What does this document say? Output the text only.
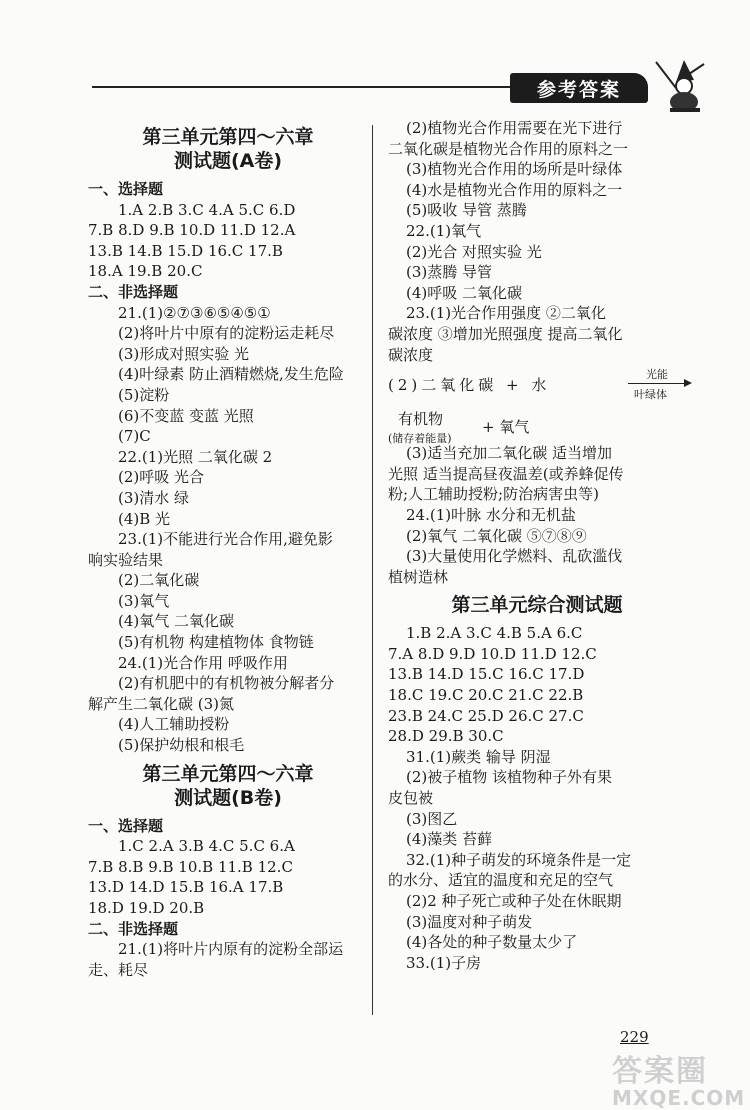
参考答案
第三单元第四～六章
测试题(A卷)
一、选择题
1.A 2.B 3.C 4.A 5.C 6.D
7.B 8.D 9.B 10.D 11.D 12.A
13.B 14.B 15.D 16.C 17.B
18.A 19.B 20.C
二、非选择题
21.(1)②⑦③⑥⑤④⑤①
(2)将叶片中原有的淀粉运走耗尽
(3)形成对照实验 光
(4)叶绿素 防止酒精燃烧,发生危险
(5)淀粉
(6)不变蓝 变蓝 光照
(7)C
22.(1)光照 二氧化碳 2
(2)呼吸 光合
(3)清水 绿
(4)B 光
23.(1)不能进行光合作用,避免影
响实验结果
(2)二氧化碳
(3)氧气
(4)氧气 二氧化碳
(5)有机物 构建植物体 食物链
24.(1)光合作用 呼吸作用
(2)有机肥中的有机物被分解者分
解产生二氧化碳 (3)氮
(4)人工辅助授粉
(5)保护幼根和根毛
第三单元第四～六章
测试题(B卷)
一、选择题
1.C 2.A 3.B 4.C 5.C 6.A
7.B 8.B 9.B 10.B 11.B 12.C
13.D 14.D 15.B 16.A 17.B
18.D 19.D 20.B
二、非选择题
21.(1)将叶片内原有的淀粉全部运
走、耗尽
(2)植物光合作用需要在光下进行
二氧化碳是植物光合作用的原料之一
(3)植物光合作用的场所是叶绿体
(4)水是植物光合作用的原料之一
(5)吸收 导管 蒸腾
22.(1)氧气
(2)光合 对照实验 光
(3)蒸腾 导管
(4)呼吸 二氧化碳
23.(1)光合作用强度 ②二氧化
碳浓度 ③增加光照强度 提高二氧化
碳浓度
(2)二氧化碳 + 水
光能
叶绿体
有机物
(储存着能量)
+ 氧气
(3)适当充加二氧化碳 适当增加
光照 适当提高昼夜温差(或养蜂促传
粉;人工辅助授粉;防治病害虫等)
24.(1)叶脉 水分和无机盐
(2)氧气 二氧化碳 ⑤⑦⑧⑨
(3)大量使用化学燃料、乱砍滥伐
植树造林
第三单元综合测试题
1.B 2.A 3.C 4.B 5.A 6.C
7.A 8.D 9.D 10.D 11.D 12.C
13.B 14.D 15.C 16.C 17.D
18.C 19.C 20.C 21.C 22.B
23.B 24.C 25.D 26.C 27.C
28.D 29.B 30.C
31.(1)蕨类 输导 阴湿
(2)被子植物 该植物种子外有果
皮包被
(3)图乙
(4)藻类 苔藓
32.(1)种子萌发的环境条件是一定
的水分、适宜的温度和充足的空气
(2)2 种子死亡或种子处在休眠期
(3)温度对种子萌发
(4)各处的种子数量太少了
33.(1)子房
229
答案圈
MXQE.COM
